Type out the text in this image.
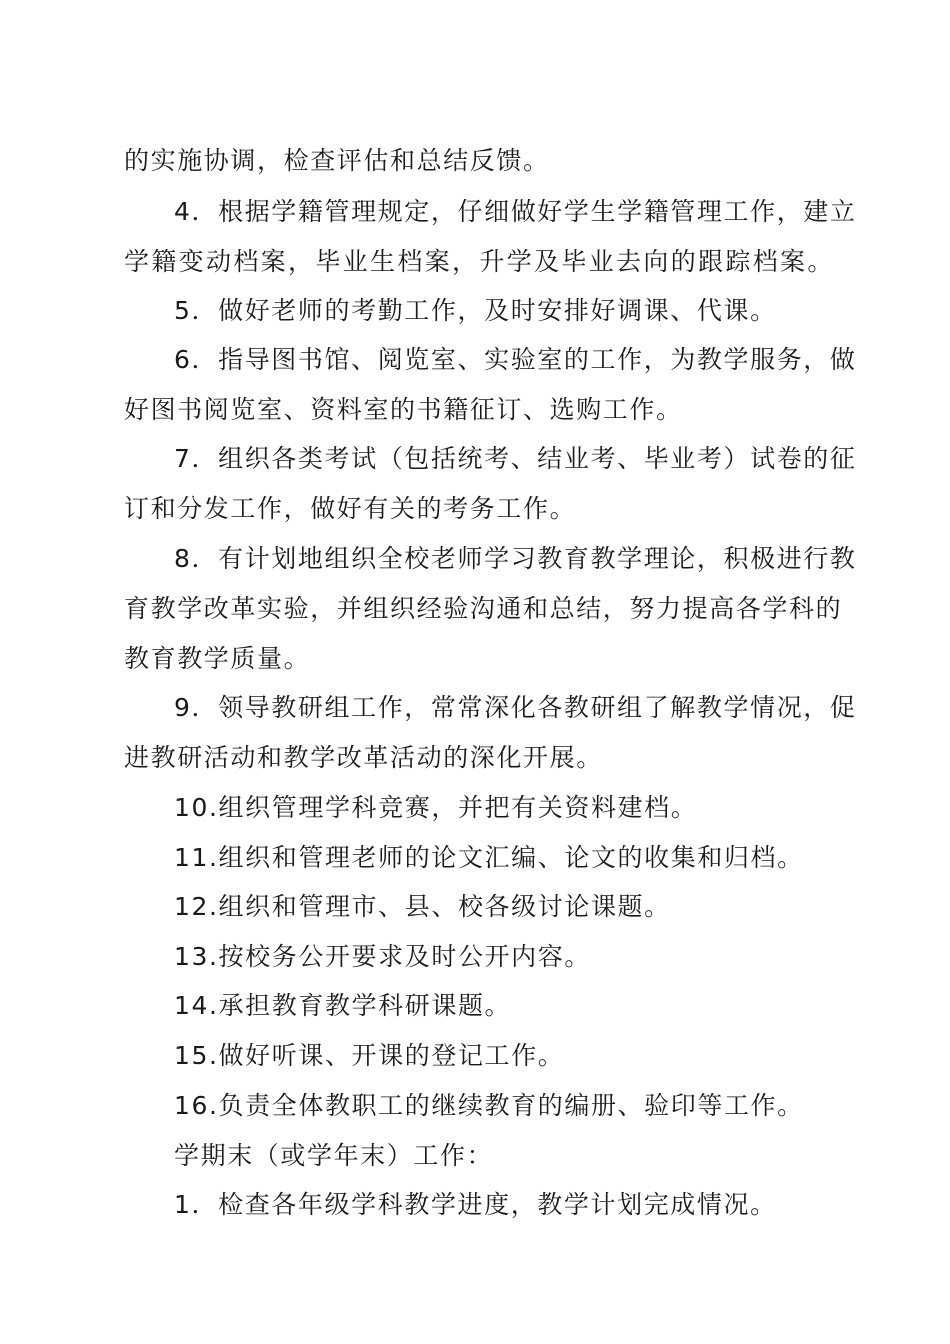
的实施协调，检查评估和总结反馈。
4．根据学籍管理规定，仔细做好学生学籍管理工作，建立
学籍变动档案，毕业生档案，升学及毕业去向的跟踪档案。
5．做好老师的考勤工作，及时安排好调课、代课。
6．指导图书馆、阅览室、实验室的工作，为教学服务，做
好图书阅览室、资料室的书籍征订、选购工作。
7．组织各类考试（包括统考、结业考、毕业考）试卷的征
订和分发工作，做好有关的考务工作。
8．有计划地组织全校老师学习教育教学理论，积极进行教
育教学改革实验，并组织经验沟通和总结，努力提高各学科的
教育教学质量。
9．领导教研组工作，常常深化各教研组了解教学情况，促
进教研活动和教学改革活动的深化开展。
10.组织管理学科竞赛，并把有关资料建档。
11.组织和管理老师的论文汇编、论文的收集和归档。
12.组织和管理市、县、校各级讨论课题。
13.按校务公开要求及时公开内容。
14.承担教育教学科研课题。
15.做好听课、开课的登记工作。
16.负责全体教职工的继续教育的编册、验印等工作。
学期末（或学年末）工作：
1．检查各年级学科教学进度，教学计划完成情况。
